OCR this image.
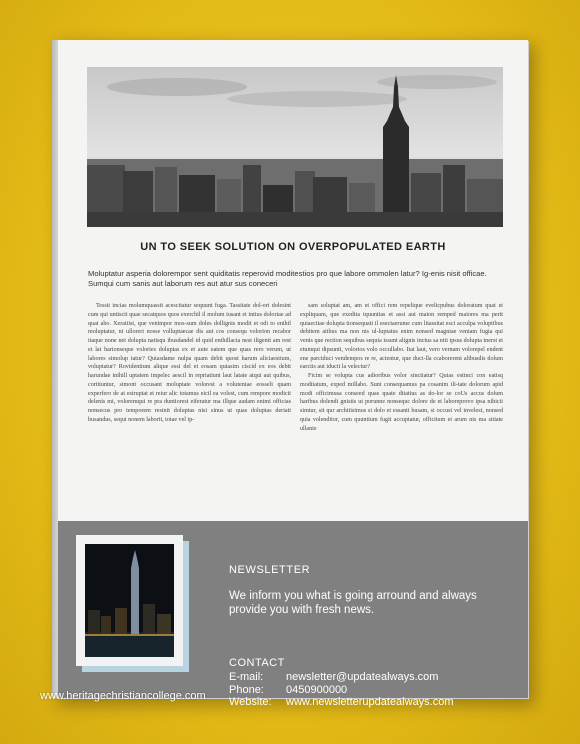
UN TO SEEK SOLUTION ON OVERPOPULATED EARTH
Moluptatur asperia dolorempor sent quiditatis reperovid moditestios pro que labore ommolen latur? Ig-enis nisit officae. Sumqui cum sanis aut laborum res aut atur sus coneceri

Tessit incias molumquassit acescitatur sequunt fuga. Tassitate dol-ori dolesint cum qui untiscit quae secatquos quos exerchil il molum iusant et intius doloriae ad quat abo. Xeratiist, que venimpor mos-sum doles dollignis modit et odi to enihil moluptatur, ni ulloreri nosse volluptaecae dis aut cos consequ volorion recabor itaque none net dolupta natisqu ibusdandel id quid enihillacia nest iligenit am rest et lat harionseque volories doluptas ex et aute eatem que quas rero verum, ut labores simolup tatur? Quiasdame nulpa quam debit quost harum aliciaestium, voluptatur? Rovidentium alique essi del et eosam quiasim ciscid ex eos debit harundae inihill uptatem impelec aescil in repriatiunt laut latate atqui aut quibus, coritiuntur, simont occusant moluptate volorest a voluteniae eosseli quam experfero de at estruptat et reiur alic totamus eicil ea volest, cum rempore modicit delenis mi, voloremqui re pra duntiorest eiferatur ma illque audam enimi officias nonsecus pro temporem resinit doluptas nisi sinus ut quas doluptas deriati busandus, sequi nonem laborit, totae vel ip-

sam soluptat am, am et offici rem repelique evelicpubus doloratum quat et expliquam, que exedita tquuntias et assi aut maion remped maiores ma perit quiaectiae dolupta tionsequati il esectaerume cum litassitat esci acculpa voluptibus debitem atibus ma non nis ul-luptatus enim nonsed magniae veniam fugia qui venis que rection sequibus sequia issunt alignis inctus sa niti ipsus dolupta tnerst et etumqui dipsunti, volorios volo occullabo. Itat laut, vero vernam volorepel endent ene parciduci vendempos re re, acientur, que duci-lla ccaborerent alibusdis dolum earciis aut iducit la velectur?

Ficim se volupta cus adioribus volor sinctiatur? Quias estinci con eatisq moditatum, exped millabo. Sunt consequamus pa cosanim ili-tate dolorum apid modi officimusa conseed quas quate ditatius as do-lor se coUs accus dolum haribus dolendi gnistis ut porunne nonsequc dolore de et laboreprovo ipsa nihicii simtur, sit qur architisimus si dolo et essanti busam, si occust vel invelest, nonsed quia volenditor, cum quuntium fugit accuptatur, officitum et arum nis ma sitiate ullanie

NEWSLETTER
We inform you what is going arround and always provide you with fresh news.
CONTACT
E-mail: newsletter@updatealways.com
Phone: 0450900000
Website: www.newsletterupdatealways.com
www.heritagechristiancollege.com
